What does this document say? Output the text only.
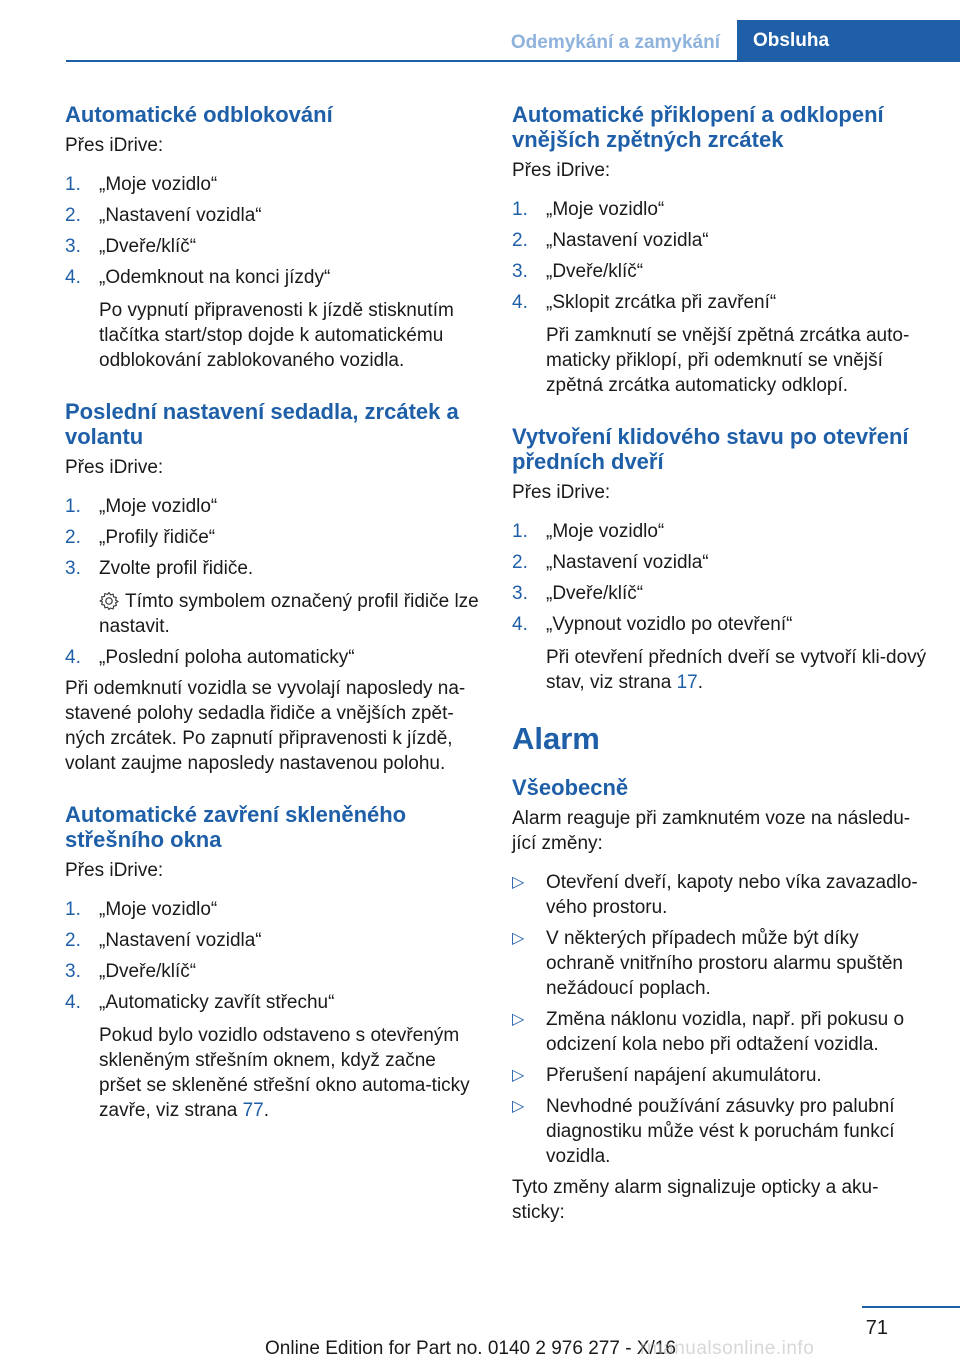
Odemykání a zamykání	Obsluha
Automatické odblokování

Přes iDrive:

1. „Moje vozidlo“
2. „Nastavení vozidla“
3. „Dveře/klíč“
4. „Odemknout na konci jízdy“
Po vypnutí připravenosti k jízdě stisknutím tlačítka start/stop dojde k automatickému odblokování zablokovaného vozidla.
Poslední nastavení sedadla, zrcátek a volantu

Přes iDrive:

1. „Moje vozidlo“
2. „Profily řidiče“
3. Zvolte profil řidiče.
Tímto symbolem označený profil řidiče lze nastavit.
4. „Poslední poloha automaticky“

Při odemknutí vozidla se vyvolají naposledy na-stavené polohy sedadla řidiče a vnějších zpět-ných zrcátek. Po zapnutí připravenosti k jízdě, volant zaujme naposledy nastavenou polohu.

Automatické zavření skleněného střešního okna

Přes iDrive:

1. „Moje vozidlo“
2. „Nastavení vozidla“
3. „Dveře/klíč“
4. „Automaticky zavřít střechu“
Pokud bylo vozidlo odstaveno s otevřeným skleněným střešním oknem, když začne pršet se skleněné střešní okno automa-ticky zavře, viz strana 77.
Automatické přiklopení a odklopení vnějších zpětných zrcátek

Přes iDrive:

1. „Moje vozidlo“
2. „Nastavení vozidla“
3. „Dveře/klíč“
4. „Sklopit zrcátka při zavření“
Při zamknutí se vnější zpětná zrcátka auto-maticky přiklopí, při odemknutí se vnější zpětná zrcátka automaticky odklopí.
Vytvoření klidového stavu po otevření předních dveří

Přes iDrive:

1. „Moje vozidlo“
2. „Nastavení vozidla“
3. „Dveře/klíč“
4. „Vypnout vozidlo po otevření“
Při otevření předních dveří se vytvoří kli-dový stav, viz strana 17.
Alarm
Všeobecně

Alarm reaguje při zamknutém voze na následu-jící změny:

▷ Otevření dveří, kapoty nebo víka zavazadlo-vého prostoru.
▷ V některých případech může být díky ochraně vnitřního prostoru alarmu spuštěn nežádoucí poplach.
▷ Změna náklonu vozidla, např. při pokusu o odcizení kola nebo při odtažení vozidla.
▷ Přerušení napájení akumulátoru.
▷ Nevhodné používání zásuvky pro palubní diagnostiku může vést k poruchám funkcí vozidla.

Tyto změny alarm signalizuje opticky a aku-sticky:

71
Online Edition for Part no. 0140 2 976 277 - X/16
rmanualsonline.info
